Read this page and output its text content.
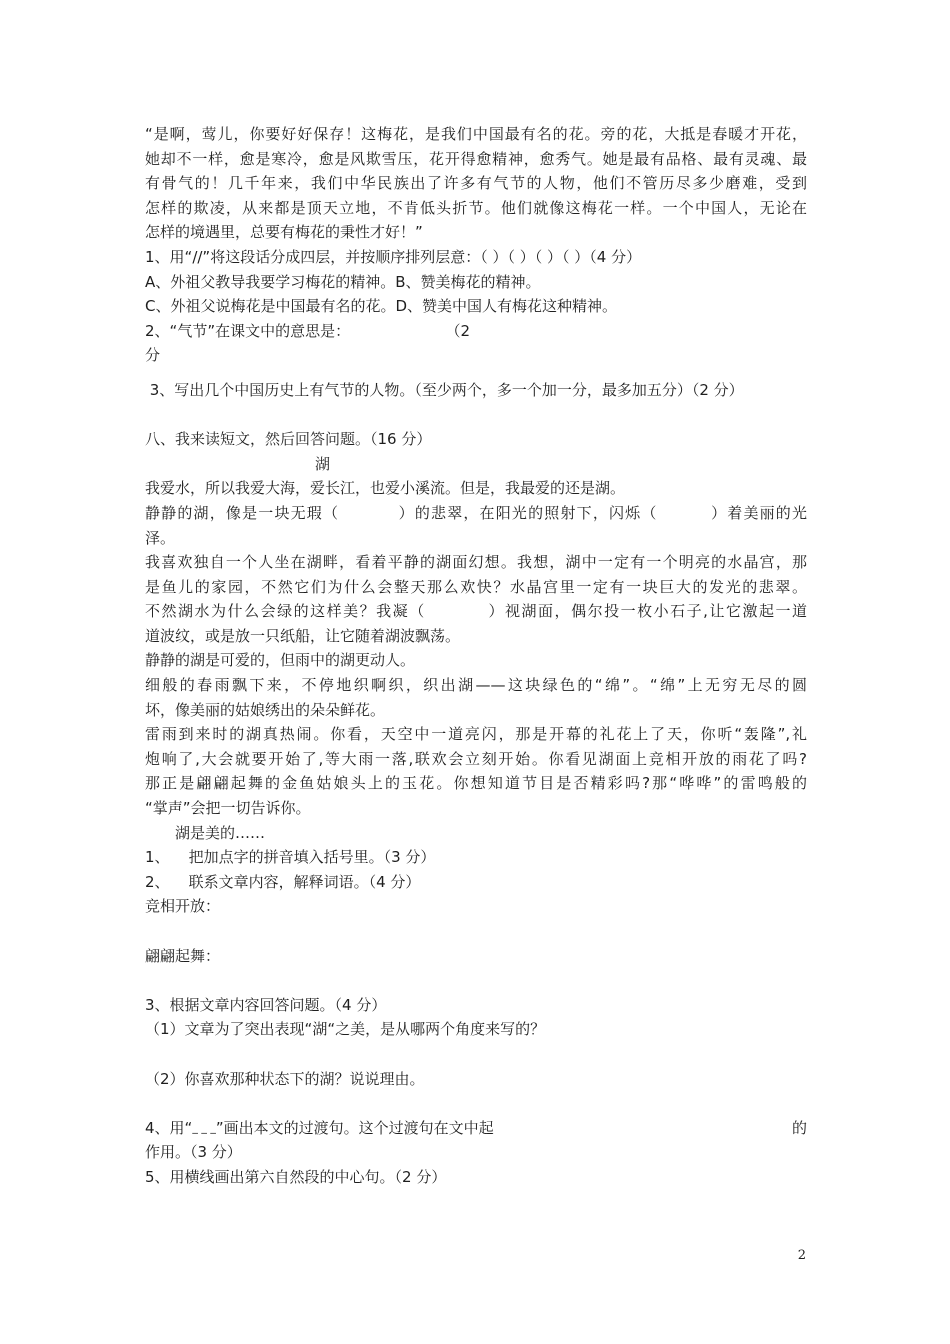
“是啊，莺儿，你要好好保存！这梅花，是我们中国最有名的花。旁的花，大抵是春暖才开花，
她却不一样，愈是寒冷，愈是风欺雪压，花开得愈精神，愈秀气。她是最有品格、最有灵魂、最
有骨气的！几千年来，我们中华民族出了许多有气节的人物，他们不管历尽多少磨难，受到
怎样的欺凌，从来都是顶天立地，不肯低头折节。他们就像这梅花一样。一个中国人，无论在
怎样的境遇里，总要有梅花的秉性才好！”
1、用“//”将这段话分成四层，并按顺序排列层意：（ ）（ ）（ ）（ ）（4 分）
A、外祖父教导我要学习梅花的精神。B、赞美梅花的精神。
C、外祖父说梅花是中国最有名的花。D、赞美中国人有梅花这种精神。
2、“气节”在课文中的意思是：                    （2
分
3、写出几个中国历史上有气节的人物。（至少两个，多一个加一分，最多加五分）（2 分）
八、我来读短文，然后回答问题。（16 分）
湖
我爱水，所以我爱大海，爱长江，也爱小溪流。但是，我最爱的还是湖。
静静的湖，像是一块无瑕（          ）的悲翠，在阳光的照射下，闪烁（         ）着美丽的光
泽。
我喜欢独自一个人坐在湖畔，看着平静的湖面幻想。我想，湖中一定有一个明亮的水晶宫，那
是鱼儿的家园，不然它们为什么会整天那么欢快？水晶宫里一定有一块巨大的发光的悲翠。
不然湖水为什么会绿的这样美？我凝（          ）视湖面，偶尔投一枚小石子,让它激起一道
道波纹，或是放一只纸船，让它随着湖波飘荡。
静静的湖是可爱的，但雨中的湖更动人。
细般的春雨飘下来，不停地织啊织，织出湖——这块绿色的“绵”。“绵”上无穷无尽的圆
坏，像美丽的姑娘绣出的朵朵鲜花。
雷雨到来时的湖真热闹。你看，天空中一道亮闪，那是开幕的礼花上了天，你听“轰隆”,礼
炮响了,大会就要开始了,等大雨一落,联欢会立刻开始。你看见湖面上竞相开放的雨花了吗?
那正是翩翩起舞的金鱼姑娘头上的玉花。你想知道节目是否精彩吗?那“哗哗”的雷鸣般的
“掌声”会把一切告诉你。
湖是美的……
1、    把加点字的拼音填入括号里。（3 分）
2、    联系文章内容，解释词语。（4 分）
竞相开放：
翩翩起舞：
3、根据文章内容回答问题。（4 分）
（1）文章为了突出表现“湖“之美，是从哪两个角度来写的？
（2）你喜欢那种状态下的湖？说说理由。
4、用“ _ _ _ ”画出本文的过渡句。这个过渡句在文中起	的
作用。（3 分）
5、用横线画出第六自然段的中心句。（2 分）
2
